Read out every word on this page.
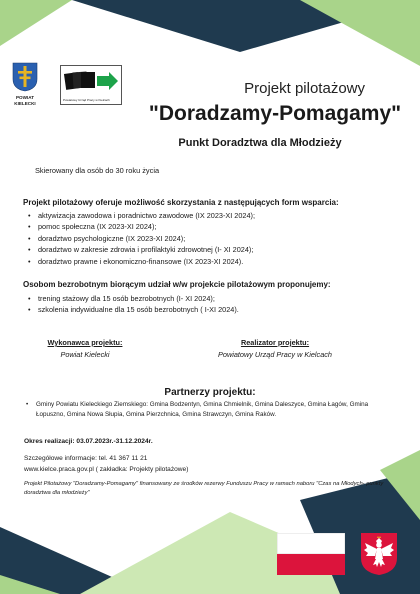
POWIAT
KIELECKI
Powiatowy Urząd Pracy w Kielcach
Projekt pilotażowy
"Doradzamy-Pomagamy"
Punkt Doradztwa dla Młodzieży
Skierowany dla osób do 30 roku życia
Projekt pilotażowy oferuje możliwość skorzystania z następujących form wsparcia:
• aktywizacja zawodowa i poradnictwo zawodowe (IX 2023-XI 2024);
• pomoc społeczna (IX 2023-XI 2024);
• doradztwo psychologiczne (IX 2023-XI 2024);
• doradztwo w zakresie zdrowia i profilaktyki zdrowotnej (I- XI 2024);
• doradztwo prawne i ekonomiczno-finansowe (IX 2023-XI 2024).
Osobom bezrobotnym biorącym udział w/w projekcie pilotażowym proponujemy:
• trening stażowy dla 15 osób bezrobotnych (I- XI 2024);
• szkolenia indywidualne dla 15 osób bezrobotnych ( I-XI 2024).
Wykonawca projektu:
Powiat Kielecki
Realizator projektu:
Powiatowy Urząd Pracy w Kielcach
Partnerzy projektu:
• Gminy Powiatu Kieleckiego Ziemskiego: Gmina Bodzentyn, Gmina Chmielnik, Gmina Daleszyce, Gmina Łagów, Gmina Łopuszno, Gmina Nowa Słupia, Gmina Pierzchnica, Gmina Strawczyn, Gmina Raków.
Okres realizacji: 03.07.2023r.-31.12.2024r.
Szczegółowe informacje: tel. 41 367 11 21
www.kielce.praca.gov.pl ( zakładka: Projekty pilotażowe)
Projekt Pilotażowy "Doradzamy-Pomagamy" finansowany ze środków rezerwy Funduszu Pracy w ramach naboru "Czas na Młodych- punkty doradztwa dla młodzieży"
